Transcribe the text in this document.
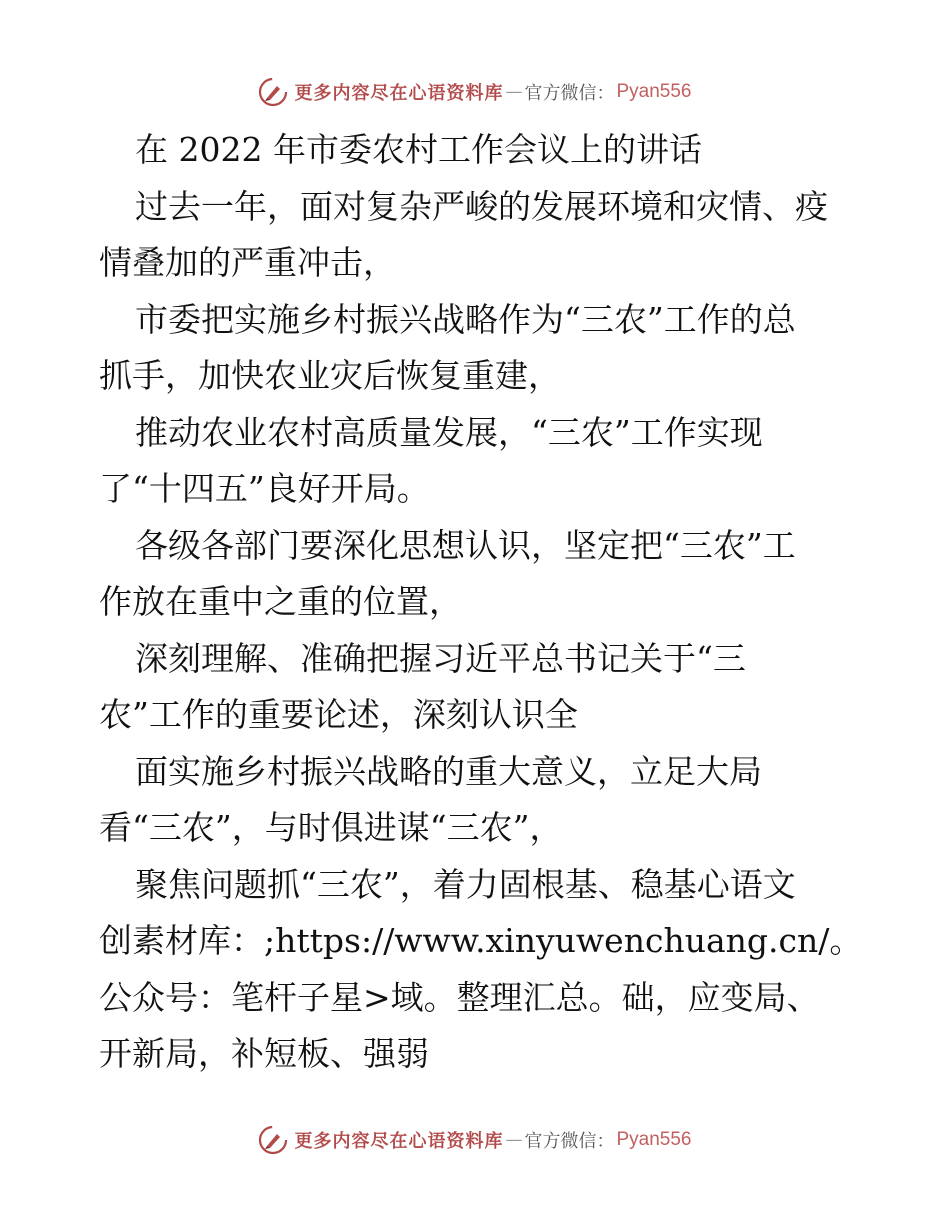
更多内容尽在心语资料库 — 官方微信： Pyan556
在 2022 年市委农村工作会议上的讲话
过去一年，面对复杂严峻的发展环境和灾情、疫
情叠加的严重冲击，
市委把实施乡村振兴战略作为“三农”工作的总
抓手，加快农业灾后恢复重建，
推动农业农村高质量发展，“三农”工作实现
了“十四五”良好开局。
各级各部门要深化思想认识，坚定把“三农”工
作放在重中之重的位置，
深刻理解、准确把握习近平总书记关于“三
农”工作的重要论述，深刻认识全
面实施乡村振兴战略的重大意义，立足大局
看“三农”，与时俱进谋“三农”，
聚焦问题抓“三农”，着力固根基、稳基心语文
创素材库：;https://www.xinyuwenchuang.cn/。
公众号：笔杆子星>域。整理汇总。础，应变局、
开新局，补短板、强弱
更多内容尽在心语资料库 — 官方微信： Pyan556
